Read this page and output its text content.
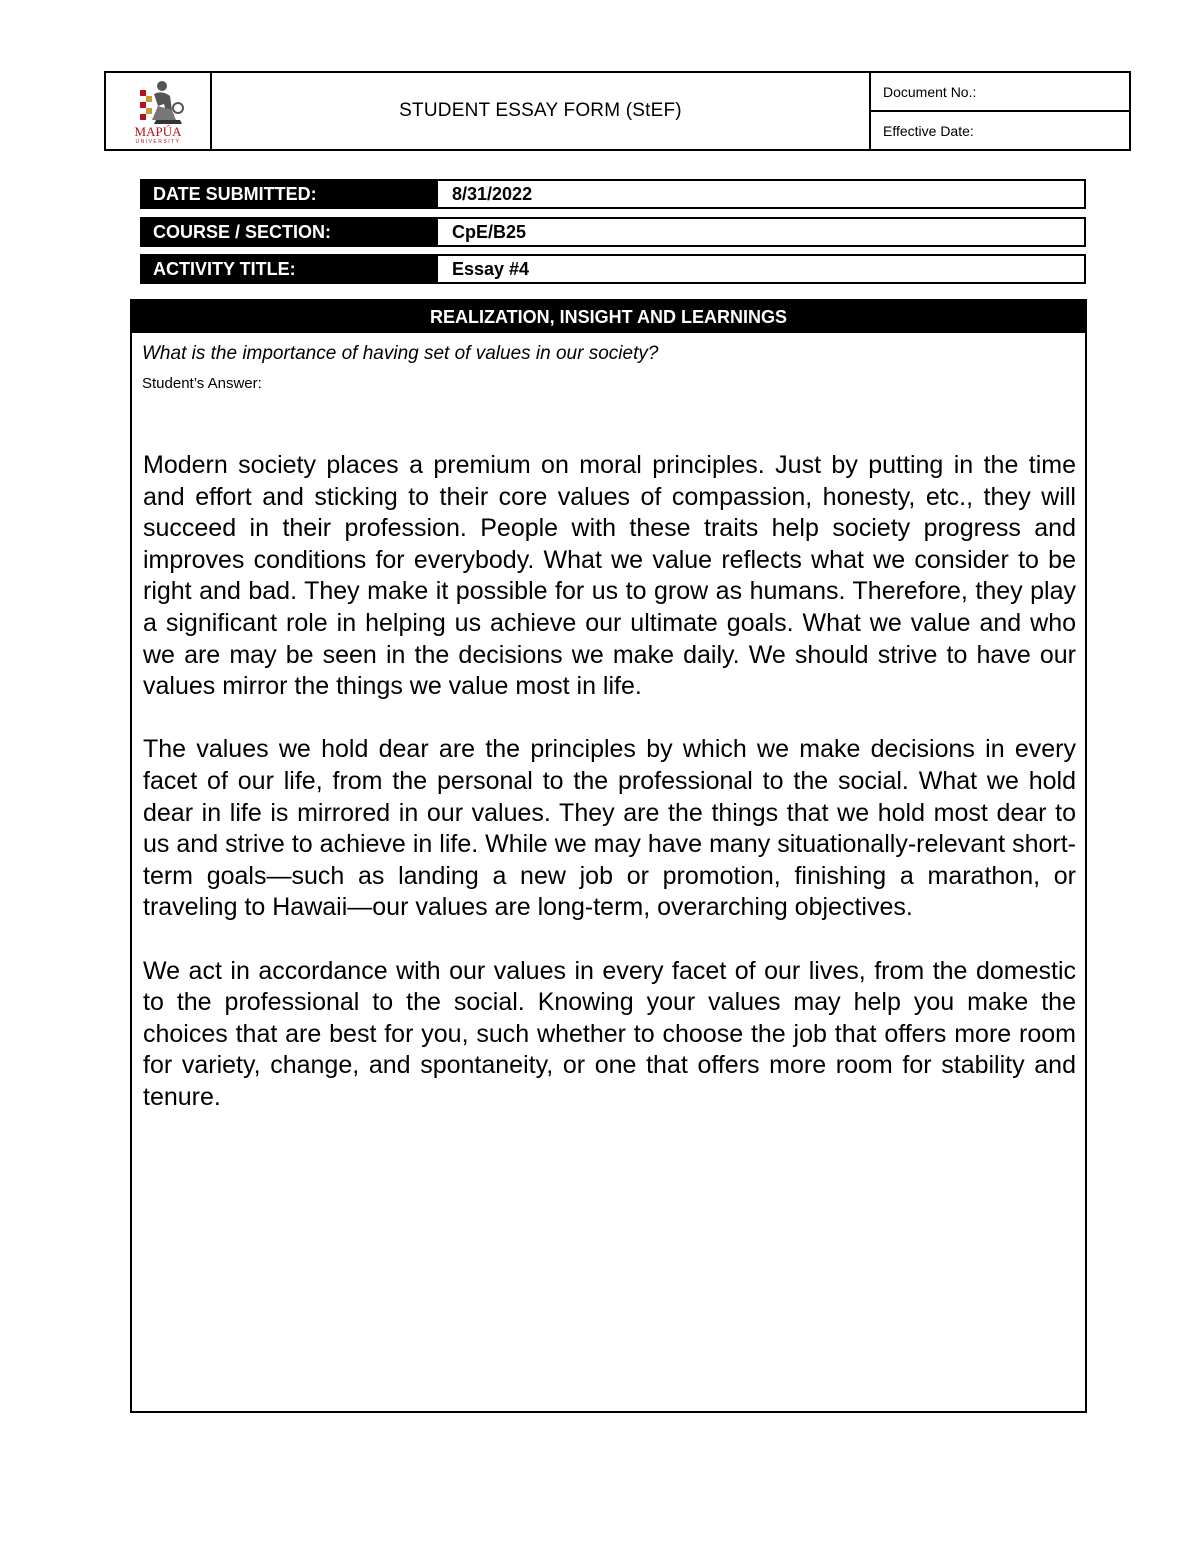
MAPÚA
UNIVERSITY
STUDENT ESSAY FORM (StEF)
Document No.:
Effective Date:
DATE SUBMITTED:	8/31/2022
COURSE / SECTION:	CpE/B25
ACTIVITY TITLE:	Essay #4
REALIZATION, INSIGHT AND LEARNINGS
What is the importance of having set of values in our society?
Student’s Answer:

Modern society places a premium on moral principles. Just by putting in the time and effort and sticking to their core values of compassion, honesty, etc., they will succeed in their profession. People with these traits help society progress and improves conditions for everybody. What we value reflects what we consider to be right and bad. They make it possible for us to grow as humans. Therefore, they play a significant role in helping us achieve our ultimate goals. What we value and who we are may be seen in the decisions we make daily. We should strive to have our values mirror the things we value most in life.

The values we hold dear are the principles by which we make decisions in every facet of our life, from the personal to the professional to the social. What we hold dear in life is mirrored in our values. They are the things that we hold most dear to us and strive to achieve in life. While we may have many situationally-relevant short-term goals—such as landing a new job or promotion, finishing a marathon, or traveling to Hawaii—our values are long-term, overarching objectives.

We act in accordance with our values in every facet of our lives, from the domestic to the professional to the social. Knowing your values may help you make the choices that are best for you, such whether to choose the job that offers more room for variety, change, and spontaneity, or one that offers more room for stability and tenure.
